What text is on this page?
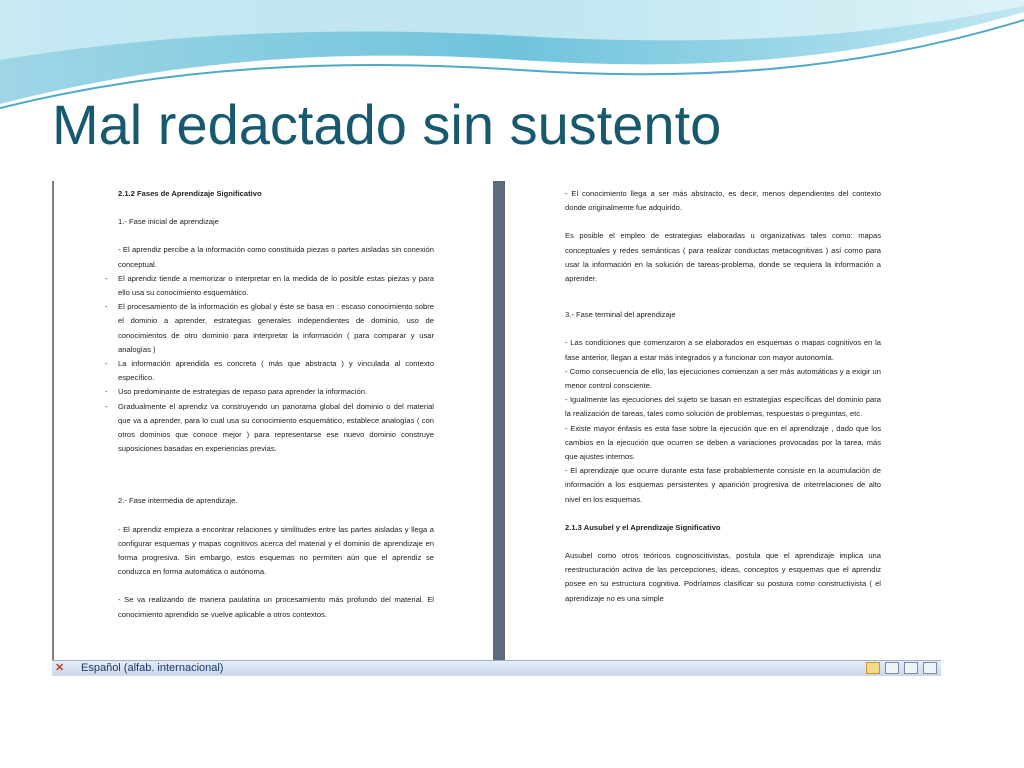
Mal redactado sin sustento

2.1.2 Fases de Aprendizaje Significativo

1.- Fase inicial de aprendizaje

- El aprendiz percibe a la información como constituida piezas o partes aisladas sin conexión conceptual.

- El aprendiz tiende a memorizar o interpretar en la medida de lo posible estas piezas y para ello usa su conocimiento esquemático.
- El procesamiento de la información es global y éste se basa en : escaso conocimiento sobre el dominio a aprender, estrategias generales independientes de dominio, uso de conocimientos de otro dominio para interpretar la información ( para comparar y usar analogías )
- La información aprendida es concreta ( más que abstracta ) y vinculada al contexto específico.
- Uso predominante de estrategias de repaso para aprender la información.
- Gradualmente el aprendiz va construyendo un panorama global del dominio o del material que va a aprender, para lo cual usa su conocimiento esquemático, establece analogías ( con otros dominios que conoce mejor ) para representarse ese nuevo dominio construye suposiciones basadas en experiencias previas.

2.- Fase intermedia de aprendizaje.

- El aprendiz empieza a encontrar relaciones y similitudes entre las partes aisladas y llega a configurar esquemas y mapas cognitivos acerca del material y el dominio de aprendizaje en forma progresiva. Sin embargo, estos esquemas no permiten aún que el aprendiz se conduzca en forma automática o autónoma.

- Se va realizando de manera paulatina un procesamiento más profundo del material. El conocimiento aprendido se vuelve aplicable a otros contextos.

- El conocimiento llega a ser más abstracto, es decir, menos dependientes del contexto donde originalmente fue adquirido.

Es posible el empleo de estrategias elaboradas u organizativas tales como: mapas conceptuales y redes semánticas ( para realizar conductas metacognitivas ) así como para usar la información en la solución de tareas-problema, donde se requiera la información a aprender.

3.- Fase terminal del aprendizaje

- Las condiciones que comenzaron a se elaborados en esquemas o mapas cognitivos en la fase anterior, llegan a estar más integrados y a funcionar con mayor autonomía.

- Como consecuencia de ello, las ejecuciones comienzan a ser más automáticas y a exigir un menor control consciente.

- Igualmente las ejecuciones del sujeto se basan en estrategias específicas del dominio para la realización de tareas, tales como solución de problemas, respuestas o preguntas, etc.

- Existe mayor énfasis es esta fase sobre la ejecución que en el aprendizaje , dado que los cambios en la ejecución que ocurren se deben a variaciones provocadas por la tarea, más que ajustes internos.

- El aprendizaje que ocurre durante esta fase probablemente consiste en la acumulación de información a los esquemas persistentes y aparición progresiva de interrelaciones de alto nivel en los esquemas.

2.1.3 Ausubel y el Aprendizaje Significativo

Ausubel como otros teóricos cognoscitivistas, postula que el aprendizaje implica una reestructuración activa de las percepciones, ideas, conceptos y esquemas que el aprendiz posee en su estructura cognitiva. Podríamos clasificar su postura como constructivista ( el aprendizaje no es una simple

✕ Español (alfab. internacional)
